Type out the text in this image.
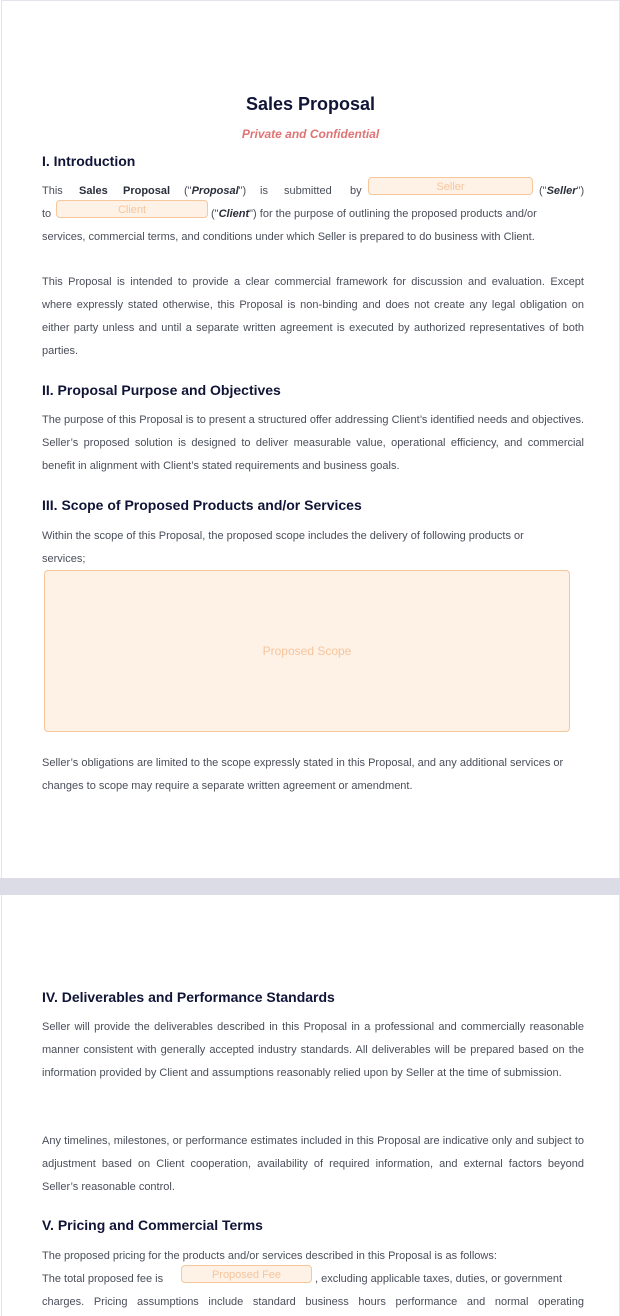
Sales Proposal
Private and Confidential
I. Introduction
This Sales Proposal ("Proposal") is submitted by	Seller	("Seller")
to	Client	("Client") for the purpose of outlining the proposed products and/or
services, commercial terms, and conditions under which Seller is prepared to do business with Client.

This Proposal is intended to provide a clear commercial framework for discussion and evaluation. Except where expressly stated otherwise, this Proposal is non-binding and does not create any legal obligation on either party unless and until a separate written agreement is executed by authorized representatives of both parties.

II. Proposal Purpose and Objectives

The purpose of this Proposal is to present a structured offer addressing Client’s identified needs and objectives. Seller’s proposed solution is designed to deliver measurable value, operational efficiency, and commercial benefit in alignment with Client’s stated requirements and business goals.

III. Scope of Proposed Products and/or Services

Within the scope of this Proposal, the proposed scope includes the delivery of following products or services;

Proposed Scope

Seller’s obligations are limited to the scope expressly stated in this Proposal, and any additional services or changes to scope may require a separate written agreement or amendment.

IV. Deliverables and Performance Standards

Seller will provide the deliverables described in this Proposal in a professional and commercially reasonable manner consistent with generally accepted industry standards. All deliverables will be prepared based on the information provided by Client and assumptions reasonably relied upon by Seller at the time of submission.

Any timelines, milestones, or performance estimates included in this Proposal are indicative only and subject to adjustment based on Client cooperation, availability of required information, and external factors beyond Seller’s reasonable control.

V. Pricing and Commercial Terms
The proposed pricing for the products and/or services described in this Proposal is as follows:
The total proposed fee is	Proposed Fee	, excluding applicable taxes, duties, or government
charges. Pricing assumptions include standard business hours performance and normal operating
